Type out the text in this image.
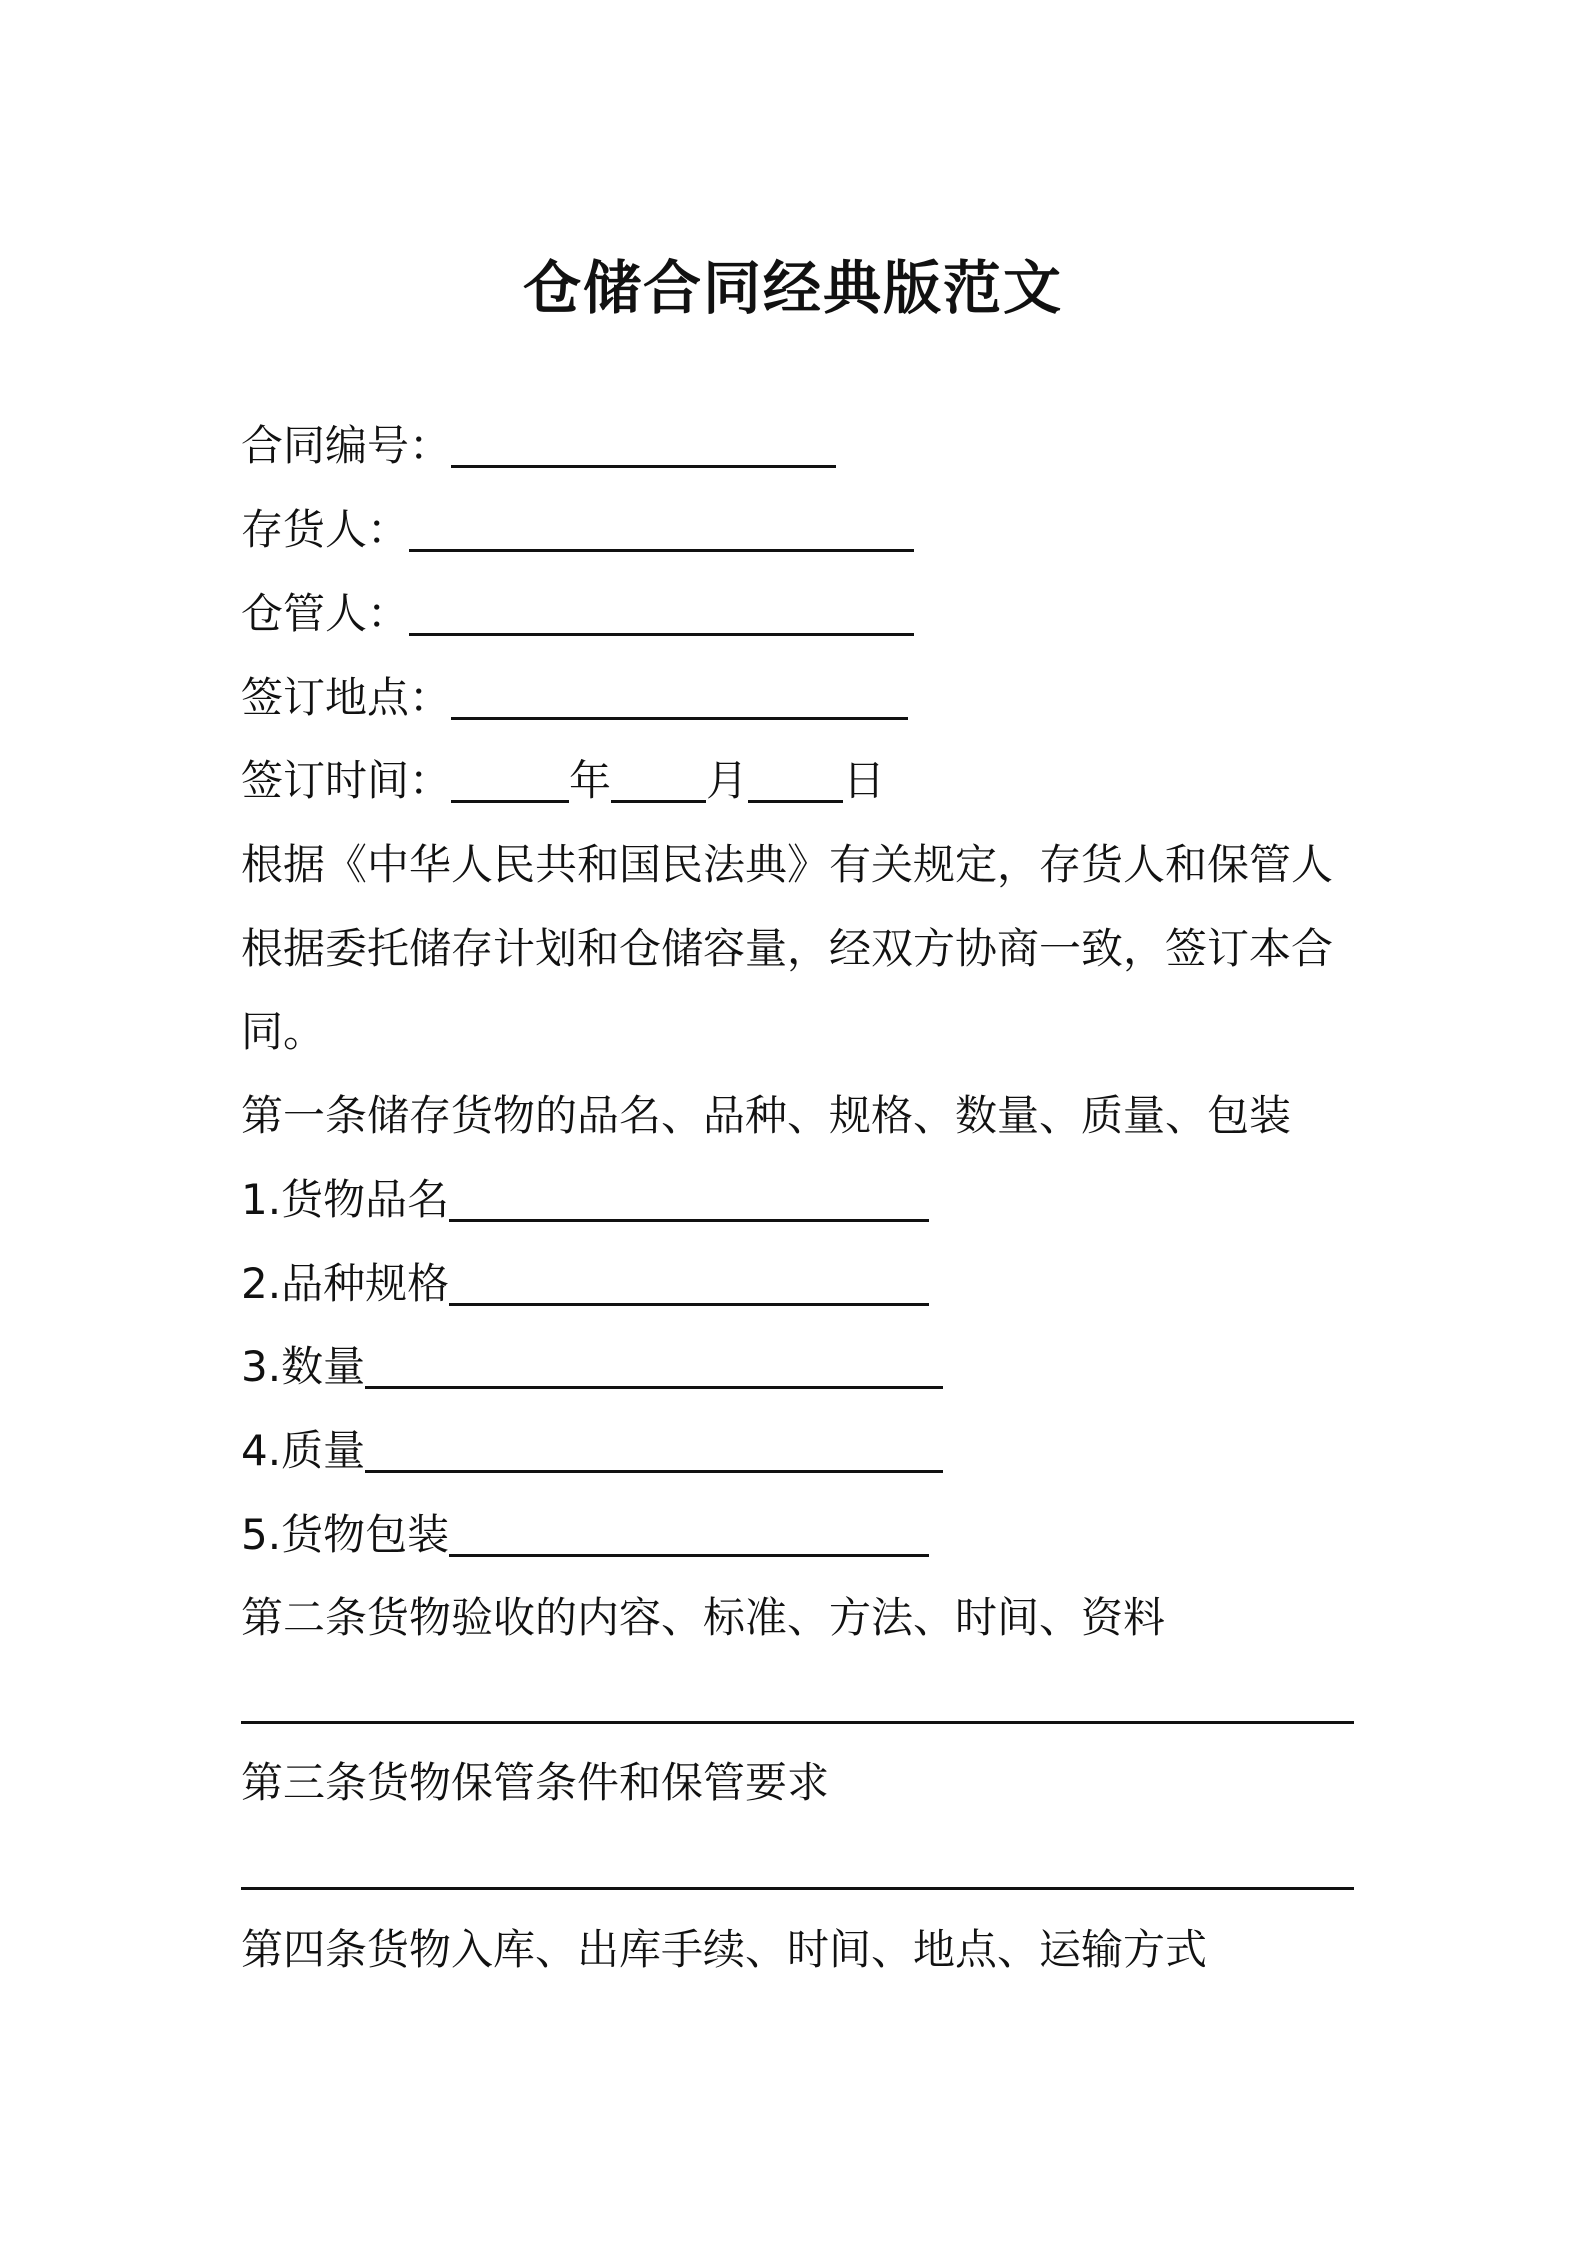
仓储合同经典版范文
合同编号：
存货人：
仓管人：
签订地点：
签订时间：	年 月 日
根据《中华人民共和国民法典》有关规定，存货人和保管人
根据委托储存计划和仓储容量，经双方协商一致，签订本合
同。
第一条储存货物的品名、品种、规格、数量、质量、包装
1.货物品名
2.品种规格
3.数量
4.质量
5.货物包装
第二条货物验收的内容、标准、方法、时间、资料
第三条货物保管条件和保管要求
第四条货物入库、出库手续、时间、地点、运输方式
